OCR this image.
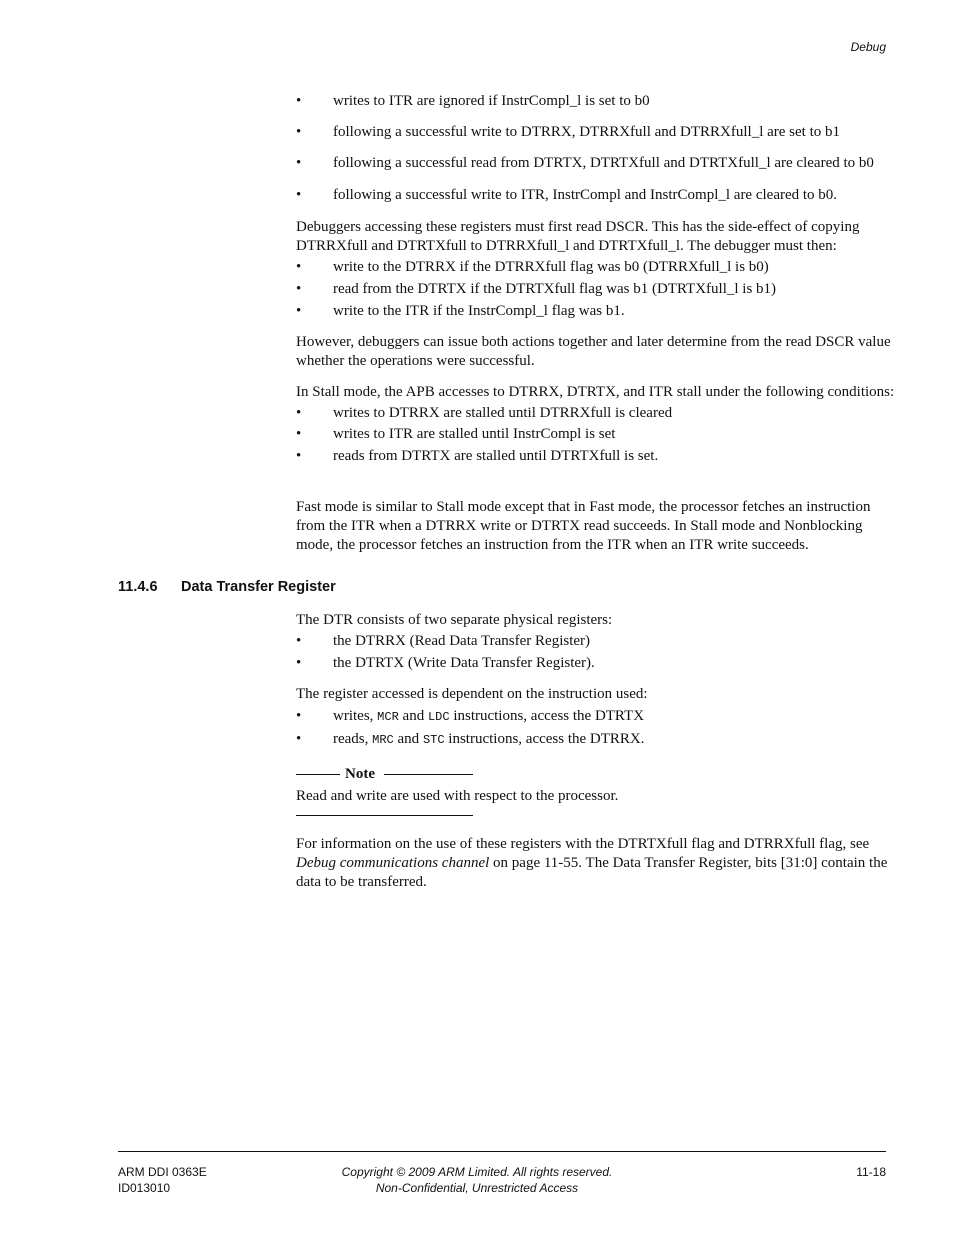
Debug

• writes to ITR are ignored if InstrCompl_l is set to b0

• following a successful write to DTRRX, DTRRXfull and DTRRXfull_l are set to b1

• following a successful read from DTRTX, DTRTXfull and DTRTXfull_l are cleared to b0

• following a successful write to ITR, InstrCompl and InstrCompl_l are cleared to b0.

Debuggers accessing these registers must first read DSCR. This has the side-effect of copying DTRRXfull and DTRTXfull to DTRRXfull_l and DTRTXfull_l. The debugger must then:

• write to the DTRRX if the DTRRXfull flag was b0 (DTRRXfull_l is b0)

• read from the DTRTX if the DTRTXfull flag was b1 (DTRTXfull_l is b1)

• write to the ITR if the InstrCompl_l flag was b1.

However, debuggers can issue both actions together and later determine from the read DSCR value whether the operations were successful.

In Stall mode, the APB accesses to DTRRX, DTRTX, and ITR stall under the following conditions:

• writes to DTRRX are stalled until DTRRXfull is cleared

• writes to ITR are stalled until InstrCompl is set

• reads from DTRTX are stalled until DTRTXfull is set.

Fast mode is similar to Stall mode except that in Fast mode, the processor fetches an instruction from the ITR when a DTRRX write or DTRTX read succeeds. In Stall mode and Nonblocking mode, the processor fetches an instruction from the ITR when an ITR write succeeds.
11.4.6 Data Transfer Register

The DTR consists of two separate physical registers:

• the DTRRX (Read Data Transfer Register)

• the DTRTX (Write Data Transfer Register).

The register accessed is dependent on the instruction used:

• writes, MCR and LDC instructions, access the DTRTX

• reads, MRC and STC instructions, access the DTRRX.

Note

Read and write are used with respect to the processor.

For information on the use of these registers with the DTRTXfull flag and DTRRXfull flag, see Debug communications channel on page 11-55. The Data Transfer Register, bits [31:0] contain the data to be transferred.
ARM DDI 0363E
ID013010
Copyright © 2009 ARM Limited. All rights reserved.
Non-Confidential, Unrestricted Access
11-18
